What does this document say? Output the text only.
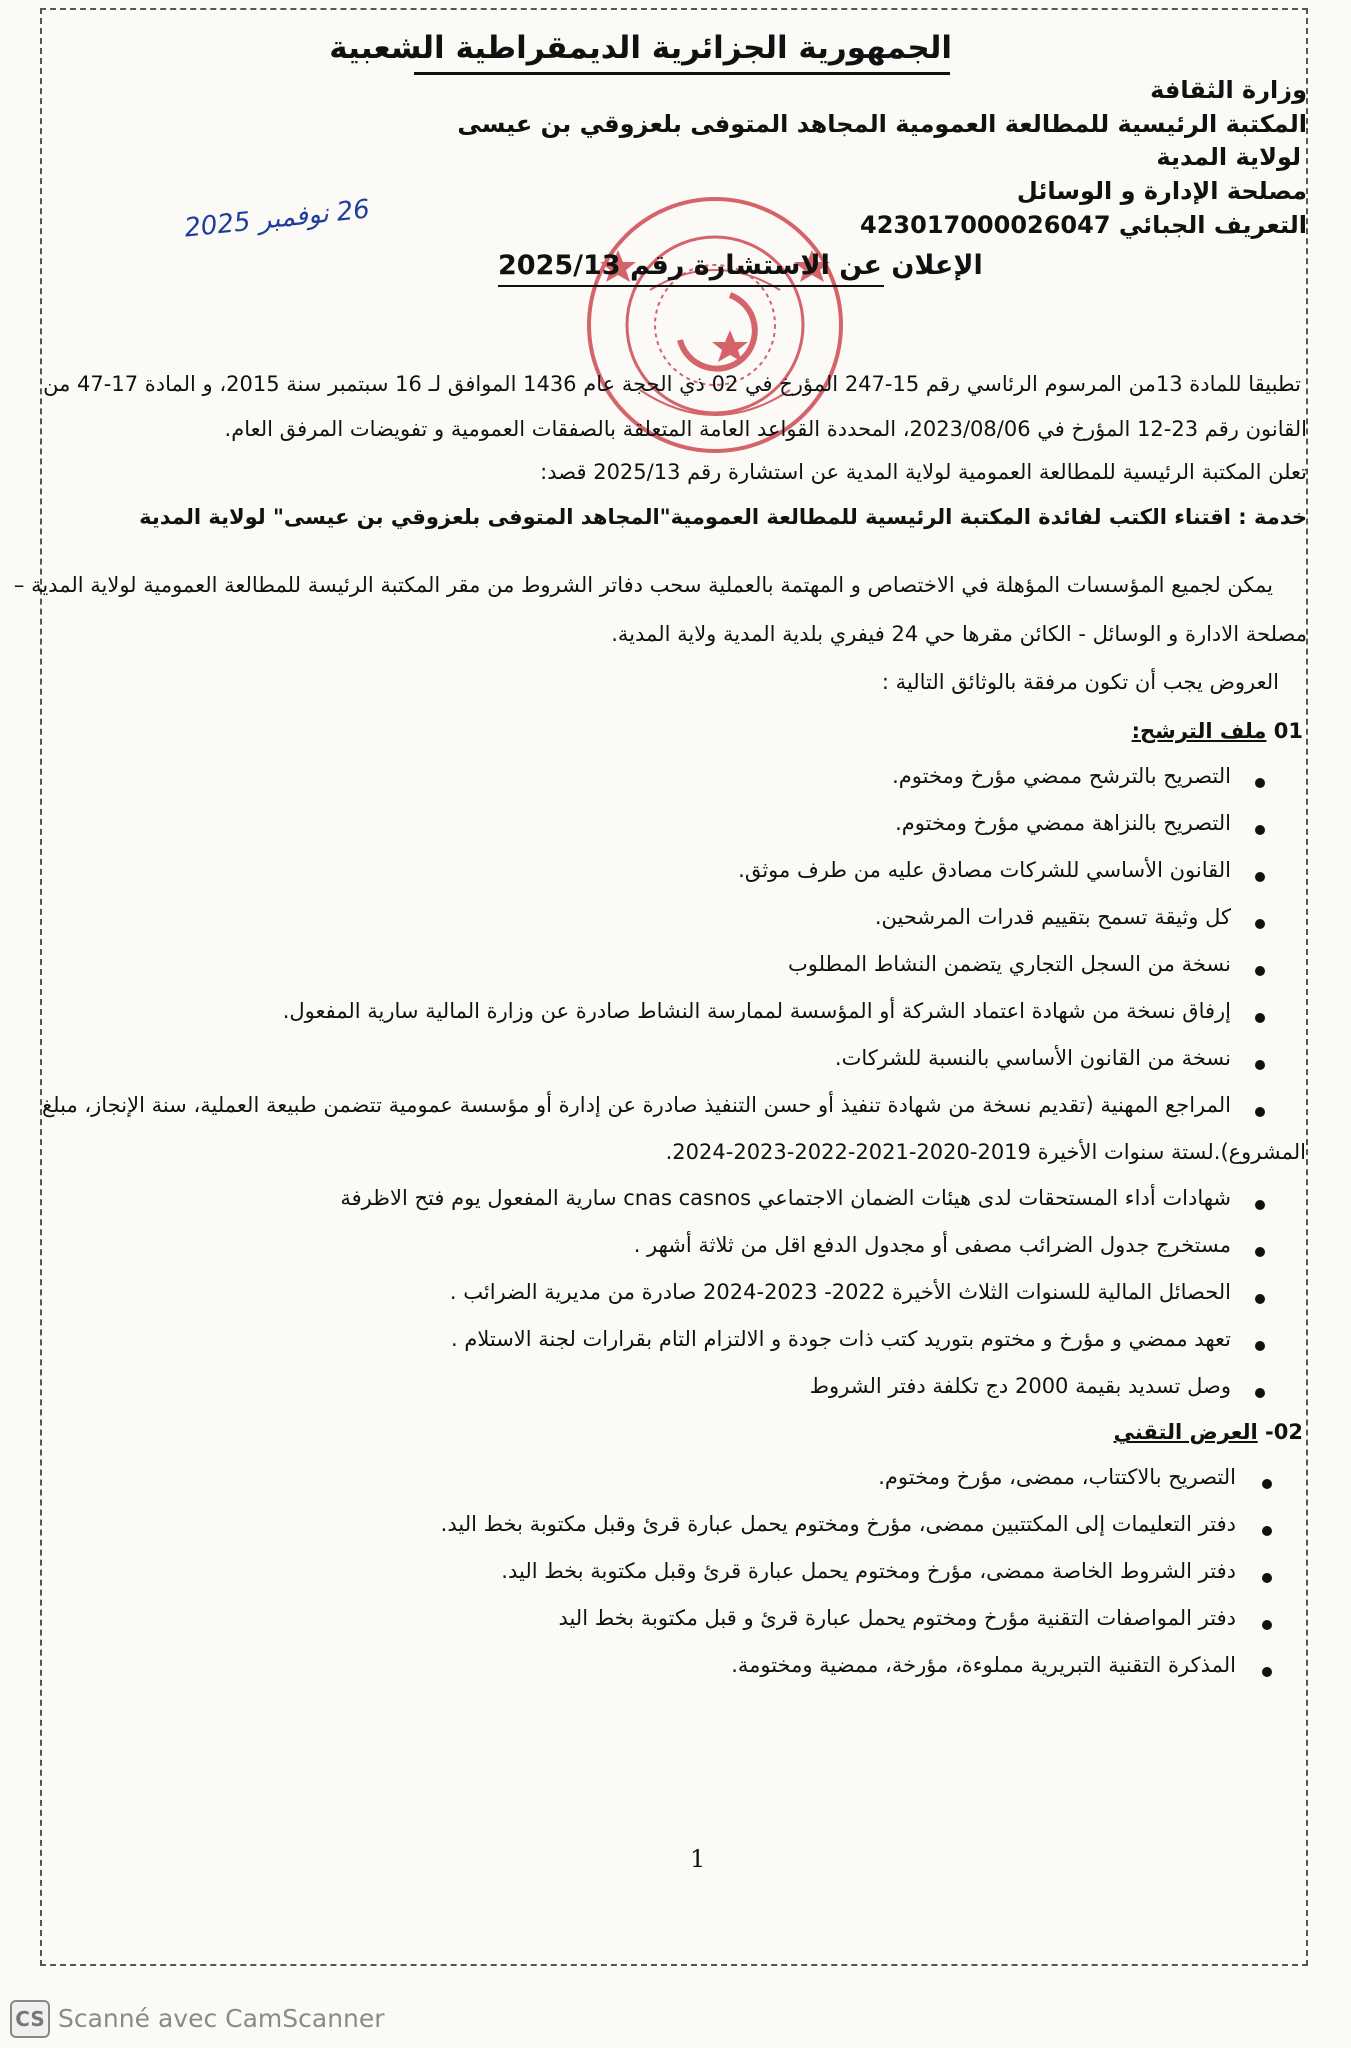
الجمهورية الجزائرية الديمقراطية الشعبية
وزارة الثقافة
المكتبة الرئيسية للمطالعة العمومية المجاهد المتوفى بلعزوقي بن عيسى
لولاية المدية
مصلحة الإدارة و الوسائل
التعريف الجبائي 423017000026047
26 نوفمبر 2025
الإعلان عن الاستشارة رقم 2025/13
تطبيقا للمادة 13من المرسوم الرئاسي رقم 15-247 المؤرخ في 02 ذي الحجة عام 1436 الموافق لـ 16 سبتمبر سنة 2015، و المادة 17-47 من
القانون رقم 23-12 المؤرخ في 2023/08/06، المحددة القواعد العامة المتعلقة بالصفقات العمومية و تفويضات المرفق العام.
تعلن المكتبة الرئيسية للمطالعة العمومية لولاية المدية عن استشارة رقم 2025/13 قصد:
خدمة : اقتناء الكتب لفائدة المكتبة الرئيسية للمطالعة العمومية"المجاهد المتوفى بلعزوقي بن عيسى" لولاية المدية
يمكن لجميع المؤسسات المؤهلة في الاختصاص و المهتمة بالعملية سحب دفاتر الشروط من مقر المكتبة الرئيسة للمطالعة العمومية لولاية المدية –
مصلحة الادارة و الوسائل - الكائن مقرها حي 24 فيفري بلدية المدية ولاية المدية.
العروض يجب أن تكون مرفقة بالوثائق التالية :
01 ملف الترشح:
التصريح بالترشح ممضي مؤرخ ومختوم.
التصريح بالنزاهة ممضي مؤرخ ومختوم.
القانون الأساسي للشركات مصادق عليه من طرف موثق.
كل وثيقة تسمح بتقييم قدرات المرشحين.
نسخة من السجل التجاري يتضمن النشاط المطلوب
إرفاق نسخة من شهادة اعتماد الشركة أو المؤسسة لممارسة النشاط صادرة عن وزارة المالية سارية المفعول.
نسخة من القانون الأساسي بالنسبة للشركات.
المراجع المهنية (تقديم نسخة من شهادة تنفيذ أو حسن التنفيذ صادرة عن إدارة أو مؤسسة عمومية تتضمن طبيعة العملية، سنة الإنجاز، مبلغ
المشروع).لستة سنوات الأخيرة 2019-2020-2021-2022-2023-2024.
شهادات أداء المستحقات لدى هيئات الضمان الاجتماعي cnas casnos سارية المفعول يوم فتح الاظرفة
مستخرج جدول الضرائب مصفى أو مجدول الدفع اقل من ثلاثة أشهر .
الحصائل المالية للسنوات الثلاث الأخيرة 2022- 2023-2024 صادرة من مديرية الضرائب .
تعهد ممضي و مؤرخ و مختوم بتوريد كتب ذات جودة و الالتزام التام بقرارات لجنة الاستلام .
وصل تسديد بقيمة 2000 دج تكلفة دفتر الشروط
02- العرض التقني
التصريح بالاكتتاب، ممضى، مؤرخ ومختوم.
دفتر التعليمات إلى المكتتبين ممضى، مؤرخ ومختوم يحمل عبارة قرئ وقبل مكتوبة بخط اليد.
دفتر الشروط الخاصة ممضى، مؤرخ ومختوم يحمل عبارة قرئ وقبل مكتوبة بخط اليد.
دفتر المواصفات التقنية مؤرخ ومختوم يحمل عبارة قرئ و قبل مكتوبة بخط اليد
المذكرة التقنية التبريرية مملوءة، مؤرخة، ممضية ومختومة.
1
CS Scanné avec CamScanner
